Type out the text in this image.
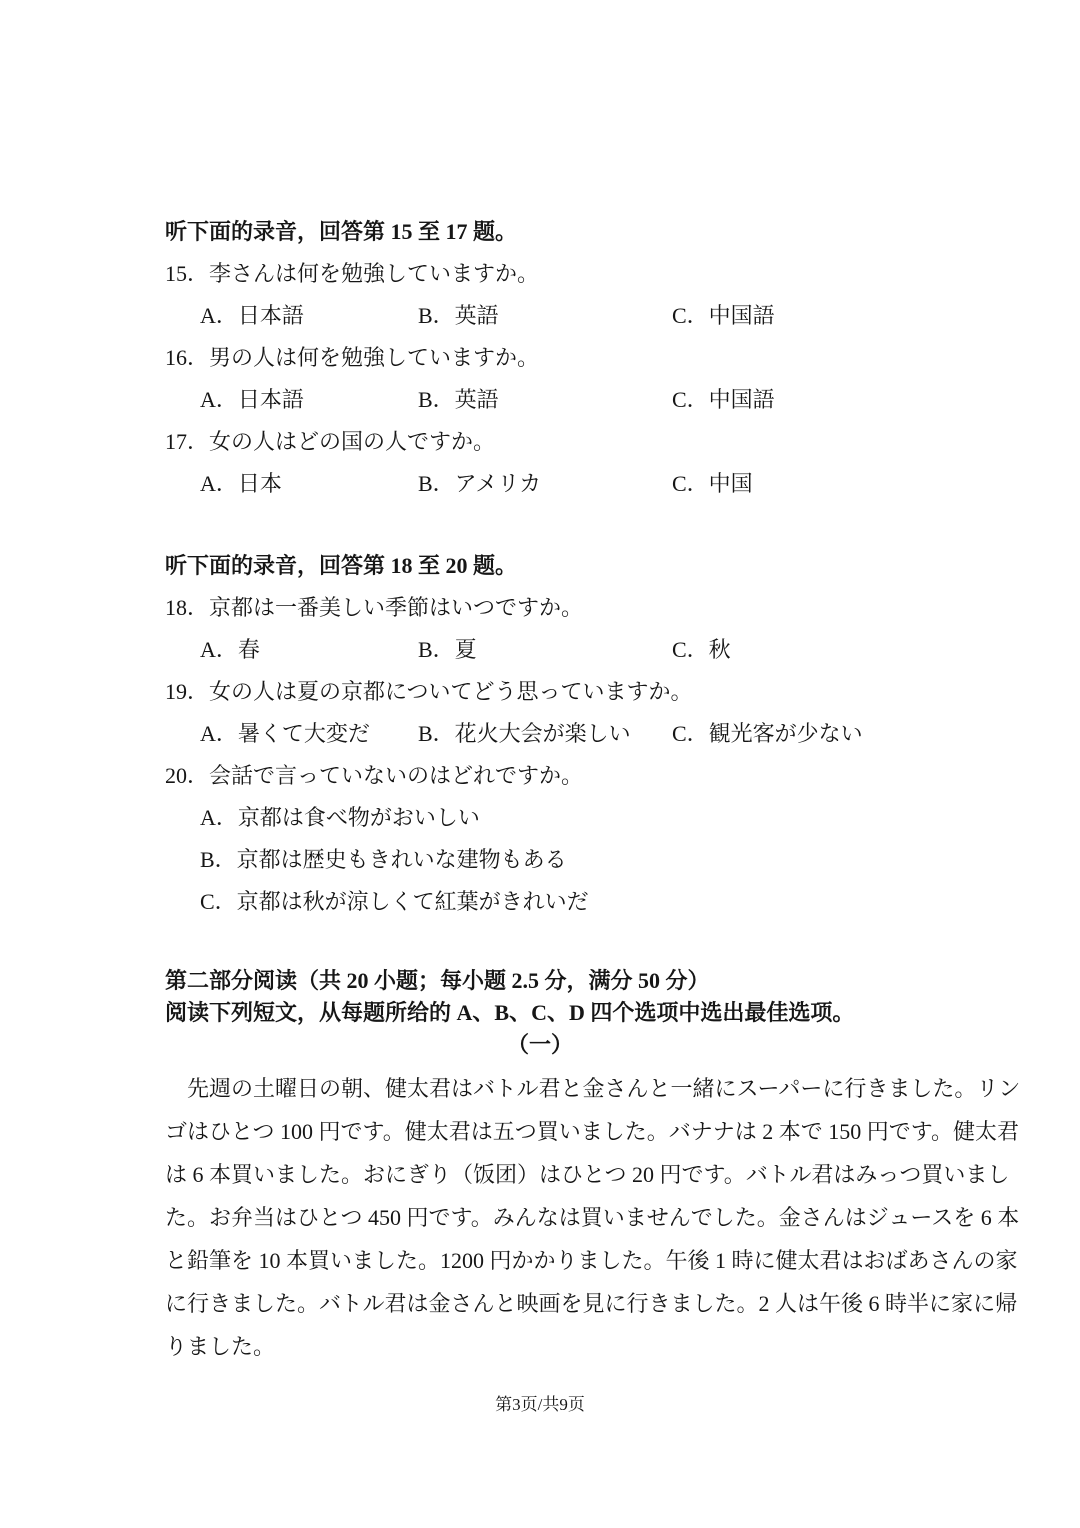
听下面的录音，回答第 15 至 17 题。
15．李さんは何を勉強していますか。
A．日本語	B．英語	C．中国語
16．男の人は何を勉強していますか。
A．日本語	B．英語	C．中国語
17．女の人はどの国の人ですか。
A．日本	B．アメリカ	C．中国
听下面的录音，回答第 18 至 20 题。
18．京都は一番美しい季節はいつですか。
A．春	B．夏	C．秋
19．女の人は夏の京都についてどう思っていますか。
A．暑くて大変だ	B．花火大会が楽しい	C．観光客が少ない
20．会話で言っていないのはどれですか。
A．京都は食べ物がおいしい
B．京都は歴史もきれいな建物もある
C．京都は秋が涼しくて紅葉がきれいだ
第二部分阅读（共 20 小题；每小题 2.5 分，满分 50 分）
阅读下列短文，从每题所给的 A、B、C、D 四个选项中选出最佳选项。
（一）
先週の土曜日の朝、健太君はバトル君と金さんと一緒にスーパーに行きました。リン
ゴはひとつ 100 円です。健太君は五つ買いました。バナナは 2 本で 150 円です。健太君
は 6 本買いました。おにぎり（饭团）はひとつ 20 円です。バトル君はみっつ買いまし
た。お弁当はひとつ 450 円です。みんなは買いませんでした。金さんはジュースを 6 本
と鉛筆を 10 本買いました。1200 円かかりました。午後 1 時に健太君はおばあさんの家
に行きました。バトル君は金さんと映画を見に行きました。2 人は午後 6 時半に家に帰
りました。
第3页/共9页
